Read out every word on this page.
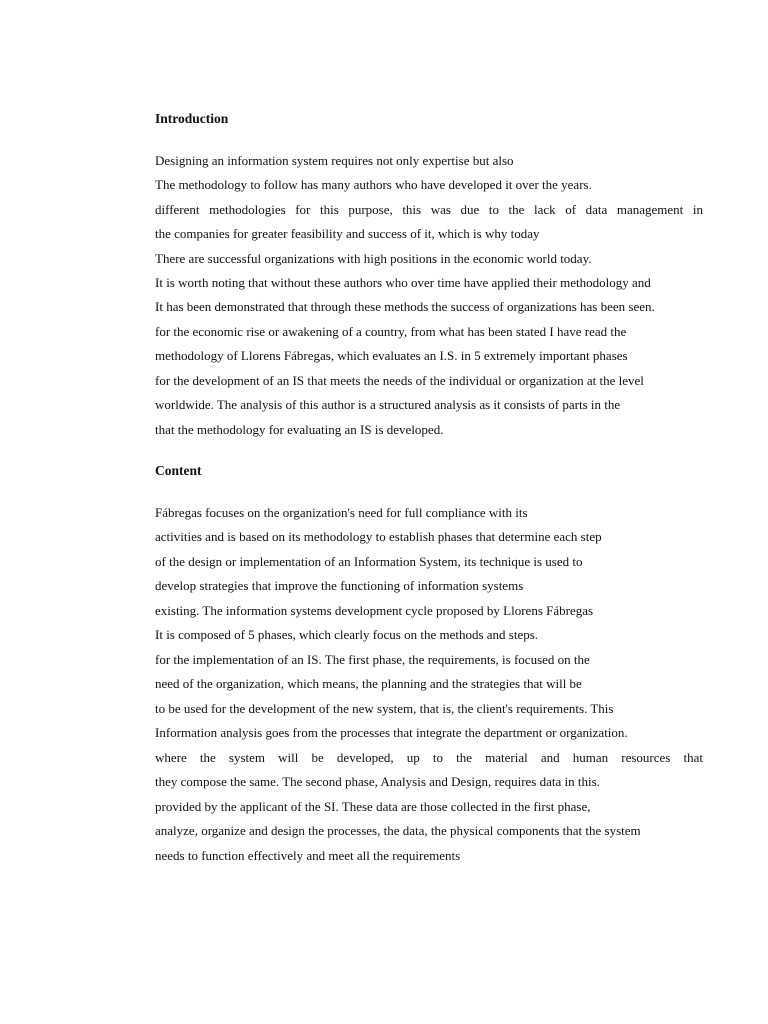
Introduction
Designing an information system requires not only expertise but also
The methodology to follow has many authors who have developed it over the years.
different methodologies for this purpose, this was due to the lack of data management in
the companies for greater feasibility and success of it, which is why today
There are successful organizations with high positions in the economic world today.
It is worth noting that without these authors who over time have applied their methodology and
It has been demonstrated that through these methods the success of organizations has been seen.
for the economic rise or awakening of a country, from what has been stated I have read the
methodology of Llorens Fábregas, which evaluates an I.S. in 5 extremely important phases
for the development of an IS that meets the needs of the individual or organization at the level
worldwide. The analysis of this author is a structured analysis as it consists of parts in the
that the methodology for evaluating an IS is developed.
Content
Fábregas focuses on the organization's need for full compliance with its
activities and is based on its methodology to establish phases that determine each step
of the design or implementation of an Information System, its technique is used to
develop strategies that improve the functioning of information systems
existing. The information systems development cycle proposed by Llorens Fábregas
It is composed of 5 phases, which clearly focus on the methods and steps.
for the implementation of an IS. The first phase, the requirements, is focused on the
need of the organization, which means, the planning and the strategies that will be
to be used for the development of the new system, that is, the client's requirements. This
Information analysis goes from the processes that integrate the department or organization.
where the system will be developed, up to the material and human resources that
they compose the same. The second phase, Analysis and Design, requires data in this.
provided by the applicant of the SI. These data are those collected in the first phase,
analyze, organize and design the processes, the data, the physical components that the system
needs to function effectively and meet all the requirements
